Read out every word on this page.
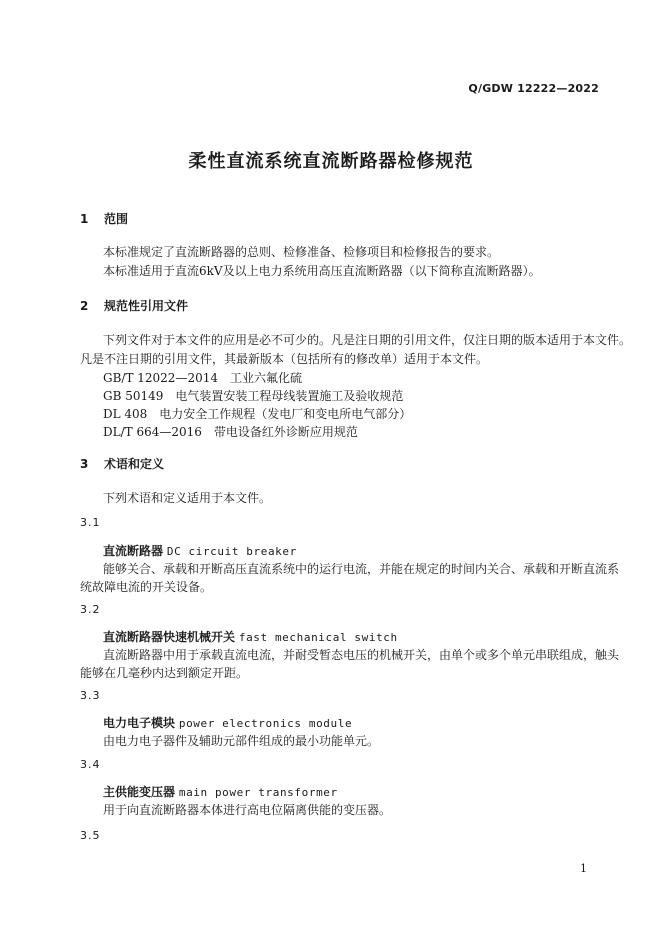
Q/GDW 12222—2022
柔性直流系统直流断路器检修规范
1 范围
本标准规定了直流断路器的总则、检修准备、检修项目和检修报告的要求。
本标准适用于直流6kV及以上电力系统用高压直流断路器（以下简称直流断路器）。
2 规范性引用文件
下列文件对于本文件的应用是必不可少的。凡是注日期的引用文件，仅注日期的版本适用于本文件。
凡是不注日期的引用文件，其最新版本（包括所有的修改单）适用于本文件。
GB/T 12022—2014　工业六氟化硫
GB 50149　电气装置安装工程母线装置施工及验收规范
DL 408　电力安全工作规程（发电厂和变电所电气部分）
DL/T 664—2016　带电设备红外诊断应用规范
3 术语和定义
下列术语和定义适用于本文件。
3.1
直流断路器 DC circuit breaker
能够关合、承载和开断高压直流系统中的运行电流，并能在规定的时间内关合、承载和开断直流系
统故障电流的开关设备。
3.2
直流断路器快速机械开关 fast mechanical switch
直流断路器中用于承载直流电流，并耐受暂态电压的机械开关，由单个或多个单元串联组成，触头
能够在几毫秒内达到额定开距。
3.3
电力电子模块 power electronics module
由电力电子器件及辅助元部件组成的最小功能单元。
3.4
主供能变压器 main power transformer
用于向直流断路器本体进行高电位隔离供能的变压器。
3.5
1
